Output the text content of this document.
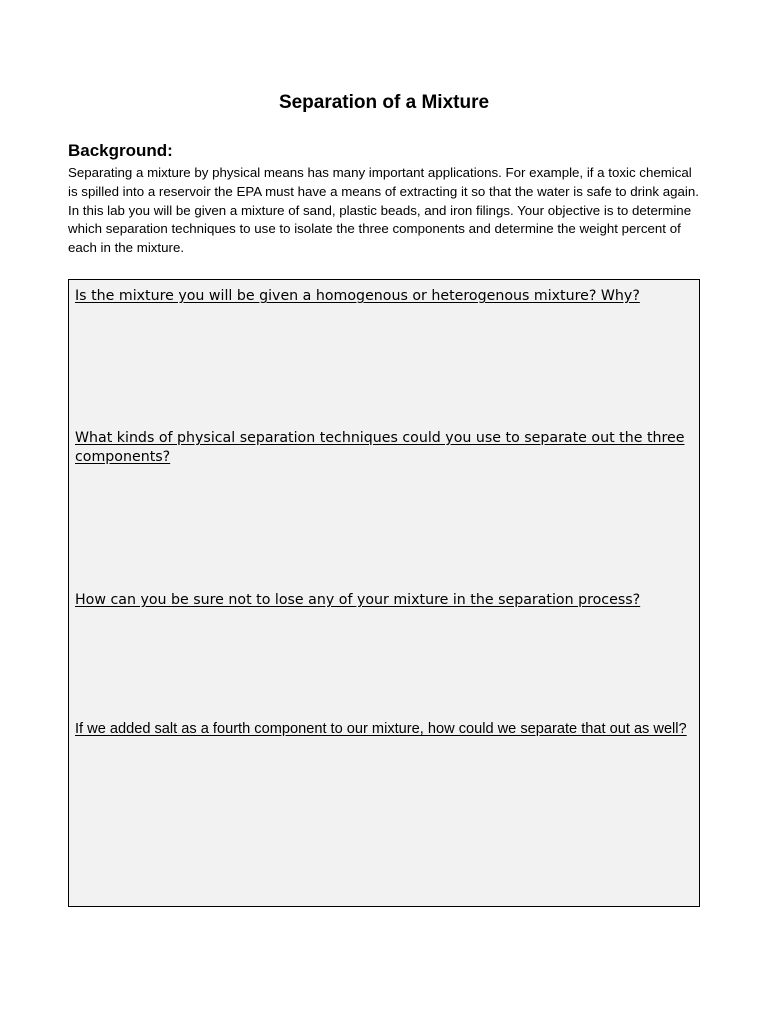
Separation of a Mixture
Background:

Separating a mixture by physical means has many important applications. For example, if a toxic chemical is spilled into a reservoir the EPA must have a means of extracting it so that the water is safe to drink again. In this lab you will be given a mixture of sand, plastic beads, and iron filings. Your objective is to determine which separation techniques to use to isolate the three components and determine the weight percent of each in the mixture.

Is the mixture you will be given a homogenous or heterogenous mixture? Why?

What kinds of physical separation techniques could you use to separate out the three components?

How can you be sure not to lose any of your mixture in the separation process?

If we added salt as a fourth component to our mixture, how could we separate that out as well?
